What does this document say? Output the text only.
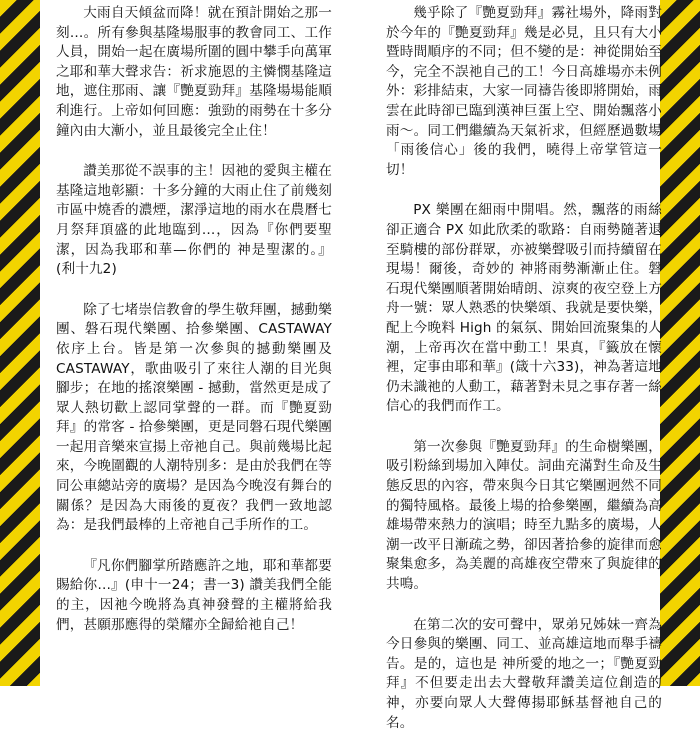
大雨自天傾盆而降！就在預計開始之那一刻…。所有參與基隆場服事的教會同工、工作人員，開始一起在廣場所圍的圓中攀手向萬軍之耶和華大聲求告：祈求施恩的主憐憫基隆這地，遮住那雨、讓『艷夏勁拜』基隆場場能順利進行。上帝如何回應：強勁的雨勢在十多分鐘內由大漸小，並且最後完全止住！

讚美那從不誤事的主！因祂的愛與主權在基隆這地彰顯：十多分鐘的大雨止住了前幾刻市區中燒香的濃煙，潔淨這地的雨水在農曆七月祭拜頂盛的此地臨到…，因為『你們要聖潔，因為我耶和華—你們的 神是聖潔的。』(利十九2)

除了七堵崇信教會的學生敬拜團，撼動樂團、磐石現代樂團、拾參樂團、CASTAWAY 依序上台。皆是第一次參與的撼動樂團及CASTAWAY，歌曲吸引了來往人潮的目光與腳步；在地的搖滾樂團 - 撼動，當然更是成了眾人熱切歡上認同掌聲的一群。而『艷夏勁拜』的常客 - 拾參樂團，更是同磐石現代樂團一起用音樂來宣揚上帝祂自己。與前幾場比起來，今晚圍觀的人潮特別多：是由於我們在等同公車總站旁的廣場？是因為今晚沒有舞台的關係？是因為大雨後的夏夜？我們一致地認為：是我們最棒的上帝祂自己手所作的工。

『凡你們腳掌所踏應許之地，耶和華都要賜給你…』(申十一24；書一3) 讚美我們全能的主，因祂今晚將為真神發聲的主權將給我們，甚願那應得的榮耀亦全歸給祂自己！

幾乎除了『艷夏勁拜』霧社場外，降雨對於今年的『艷夏勁拜』幾是必見，且只有大小暨時間順序的不同；但不變的是：神從開始至今，完全不誤祂自己的工！今日高雄場亦未例外：彩排結束，大家一同禱告後即將開始，雨雲在此時卻已臨到漢神巨蛋上空、開始飄落小雨～。同工們繼續為天氣祈求，但經歷過數場「雨後信心」後的我們，曉得上帝掌管這一切！

PX 樂團在細雨中開唱。然，飄落的雨絲卻正適合 PX 如此欣柔的歌路：自雨勢隨著退至騎樓的部份群眾，亦被樂聲吸引而持續留在現場！爾後，奇妙的 神將雨勢漸漸止住。磐石現代樂團順著開始晴朗、涼爽的夜空登上方舟一號：眾人熟悉的快樂頌、我就是要快樂，配上今晚料 High 的氣氛、開始回流聚集的人潮，上帝再次在當中動工！果真，『籤放在懷裡，定事由耶和華』(箴十六33)，神為著這地仍未識祂的人動工，藉著對未見之事存著一絲信心的我們而作工。

第一次參與『艷夏勁拜』的生命樹樂團，吸引粉絲到場加入陣仗。詞曲充滿對生命及生態反思的內容，帶來與今日其它樂團迥然不同的獨特風格。最後上場的拾參樂團，繼續為高雄場帶來熱力的演唱；時至九點多的廣場，人潮一改平日漸疏之勢，卻因著拾參的旋律而愈聚集愈多，為美麗的高雄夜空帶來了與旋律的共鳴。

在第二次的安可聲中，眾弟兄姊妹一齊為今日參與的樂團、同工、並高雄這地而舉手禱告。是的，這也是 神所愛的地之一；『艷夏勁拜』不但要走出去大聲敬拜讚美這位創造的 神，亦要向眾人大聲傳揚耶穌基督祂自己的名。
